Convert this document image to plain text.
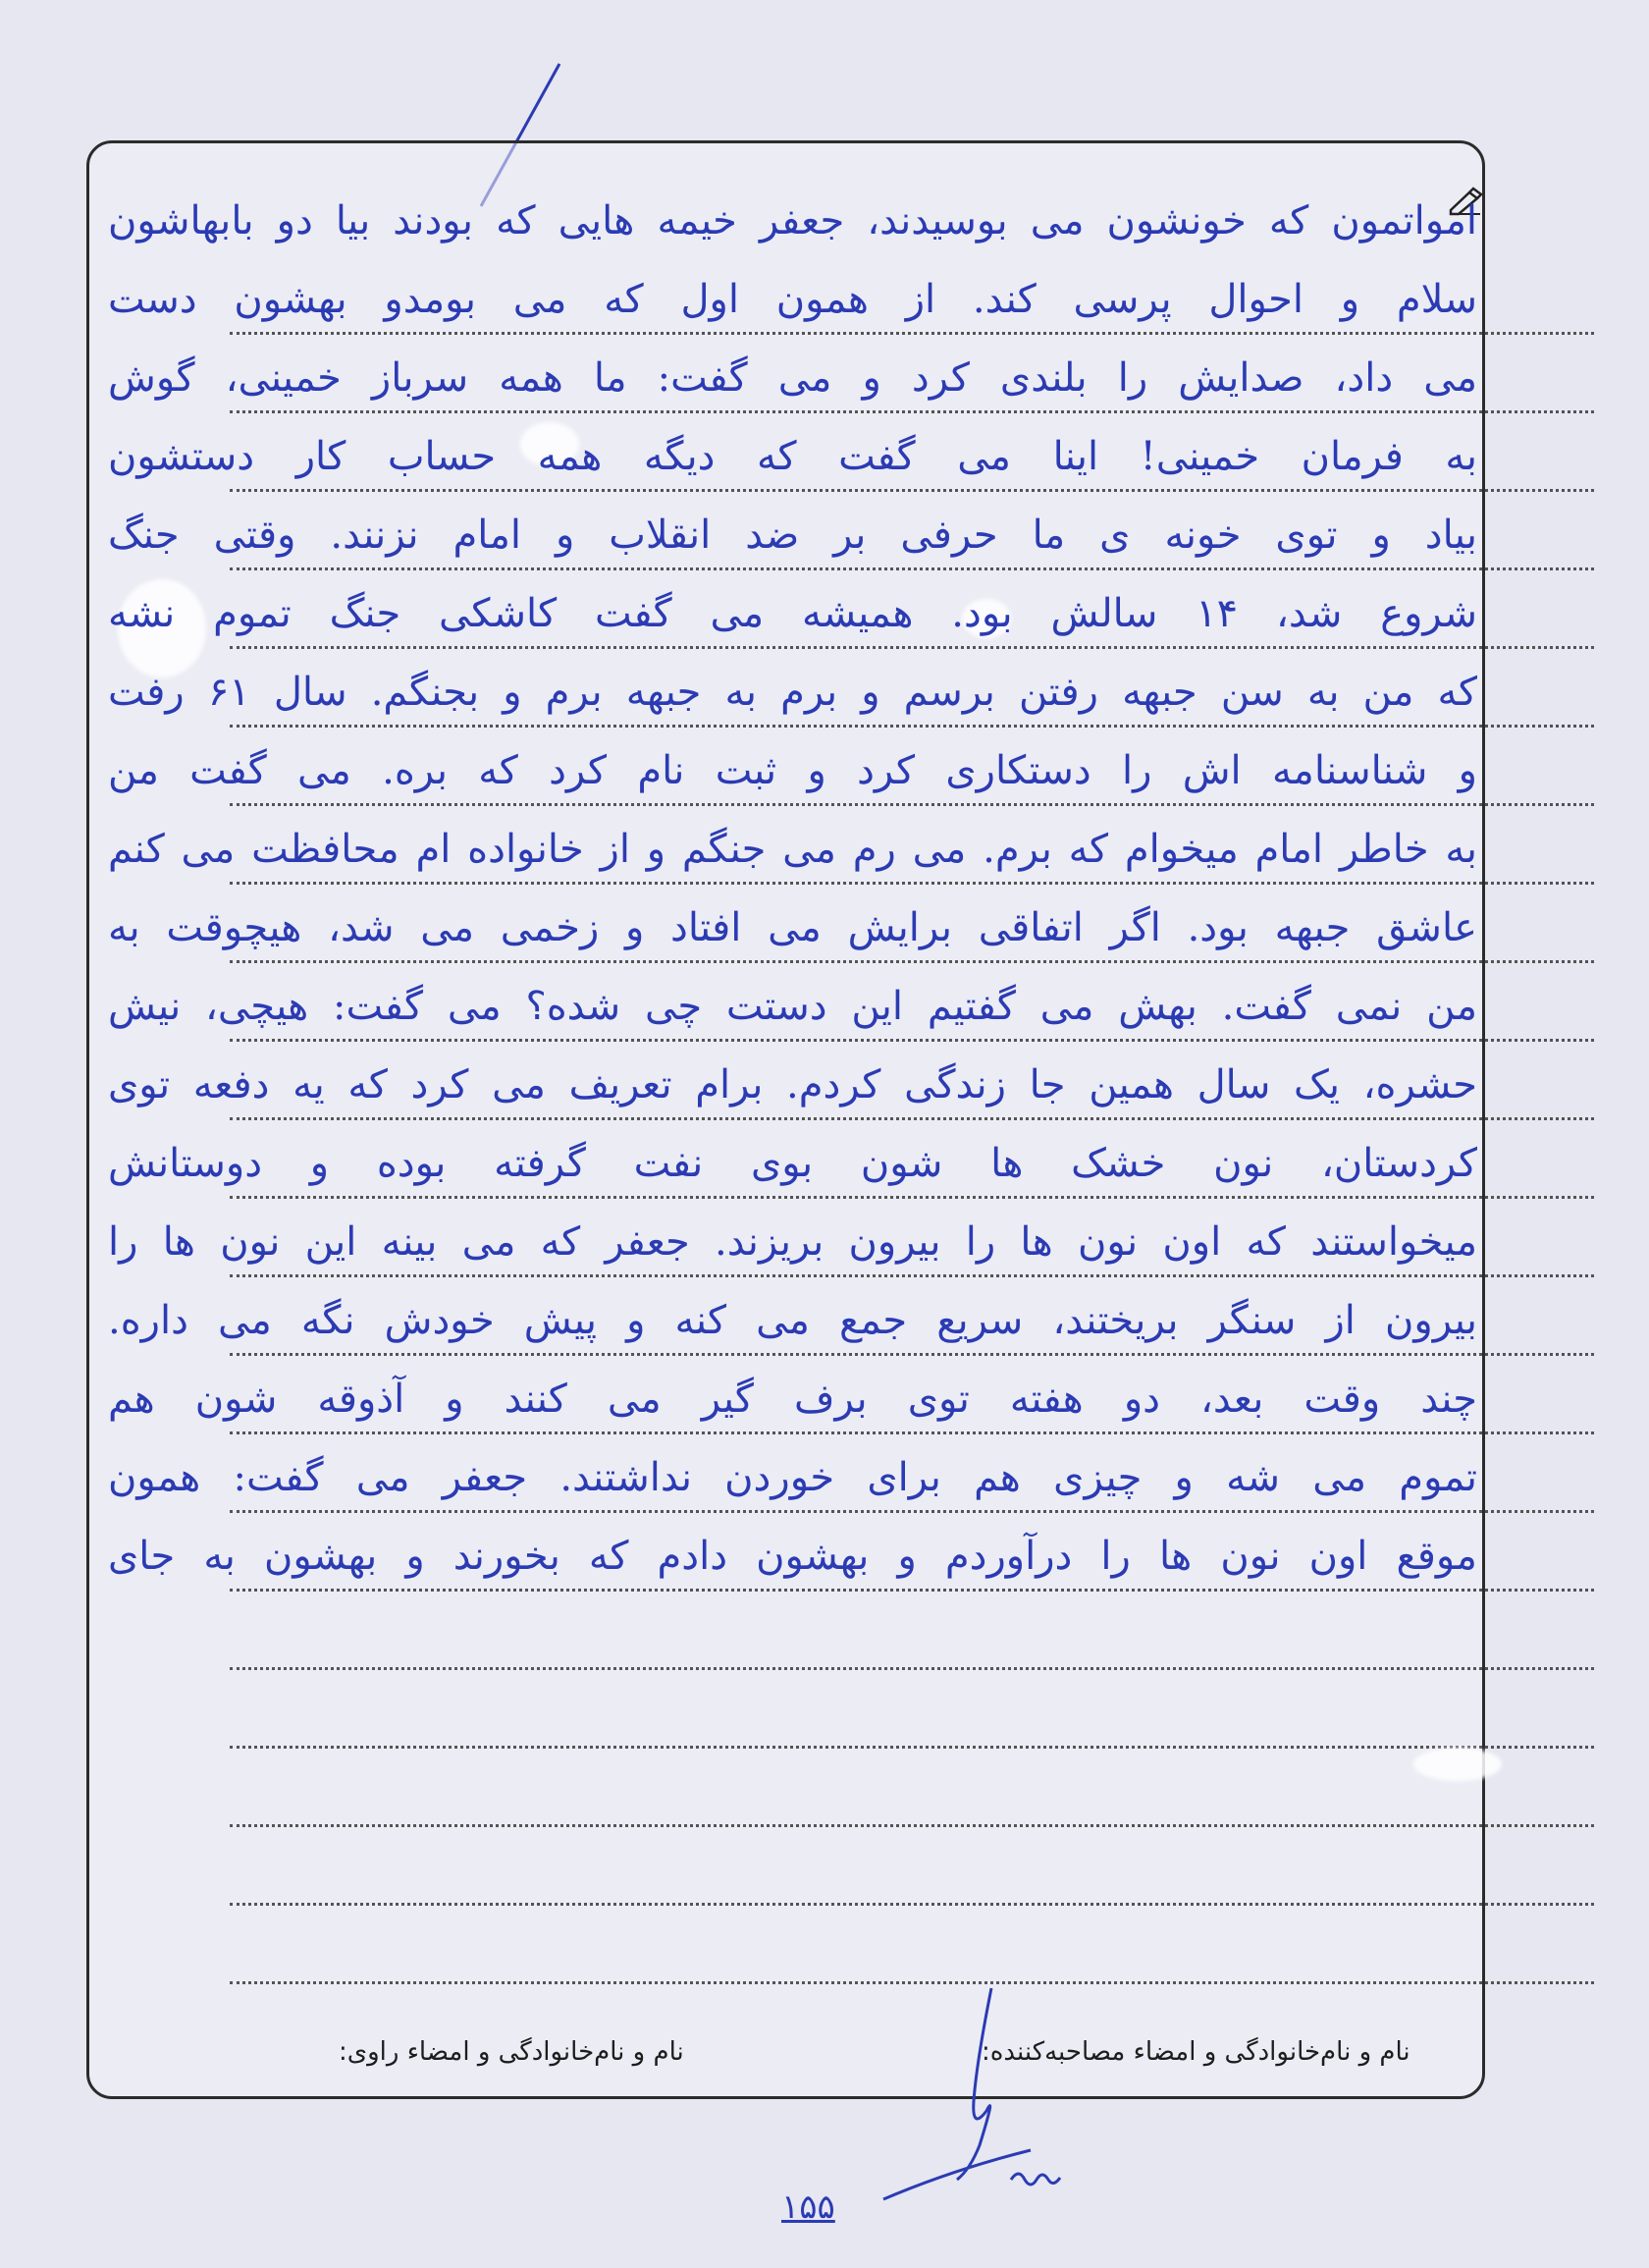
امواتمون که خونشون می بوسیدند، جعفر خیمه هایی که بودند بیا دو بابهاشون
سلام و احوال پرسی کند. از همون اول که می بومدو بهشون دست
می داد، صدایش را بلندی کرد و می گفت: ما همه سرباز خمینی، گوش
به فرمان خمینی! اینا می گفت که دیگه همه حساب کار دستشون
بیاد و توی خونه ی ما حرفی بر ضد انقلاب و امام نزنند. وقتی جنگ
شروع شد، ۱۴ سالش بود. همیشه می گفت کاشکی جنگ تموم نشه
که من به سن جبهه رفتن برسم و برم به جبهه برم و بجنگم. سال ۶۱ رفت
و شناسنامه اش را دستکاری کرد و ثبت نام کرد که بره. می گفت من
به خاطر امام میخوام که برم. می رم می جنگم و از خانواده ام محافظت می کنم
عاشق جبهه بود. اگر اتفاقی برایش می افتاد و زخمی می شد، هیچوقت به
من نمی گفت. بهش می گفتیم این دستت چی شده؟ می گفت: هیچی، نیش
حشره، یک سال همین جا زندگی کردم. برام تعریف می کرد که یه دفعه توی
کردستان، نون خشک ها شون بوی نفت گرفته بوده و دوستانش
میخواستند که اون نون ها را بیرون بریزند. جعفر که می بینه این نون ها را
بیرون از سنگر بریختند، سریع جمع می کنه و پیش خودش نگه می داره.
چند وقت بعد، دو هفته توی برف گیر می کنند و آذوقه شون هم
تموم می شه و چیزی هم برای خوردن نداشتند. جعفر می گفت: همون
موقع اون نون ها را درآوردم و بهشون دادم که بخورند و بهشون به جای
نام و نام‌خانوادگی و امضاء مصاحبه‌کننده:
نام و نام‌خانوادگی و امضاء راوی:
۱۵۵
